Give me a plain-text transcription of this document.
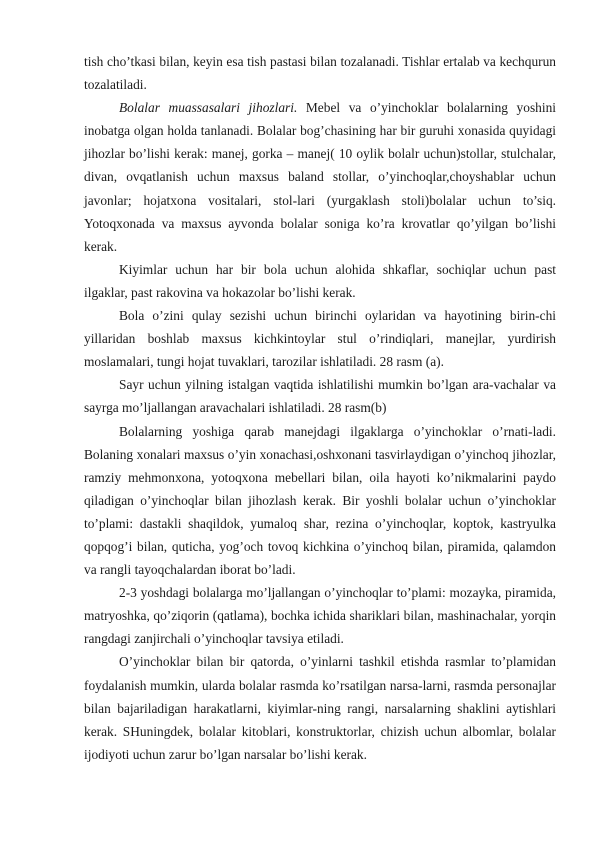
tish cho’tkasi bilan, keyin esa tish pastasi bilan tozalanadi. Tishlar ertalab va kechqurun tozalatiladi.

Bolalar muassasalari jihozlari. Mebel va o’yinchoklar bolalarning yoshini inobatga olgan holda tanlanadi. Bolalar bog’chasining har bir guruhi xonasida quyidagi jihozlar bo’lishi kerak: manej, gorka – manej( 10 oylik bolalr uchun)stollar, stulchalar, divan, ovqatlanish uchun maxsus baland stollar, o’yinchoqlar,choyshablar uchun javonlar; hojatxona vositalari, stol-lari (yurgaklash stoli)bolalar uchun to’siq. Yotoqxonada va maxsus ayvonda bolalar soniga ko’ra krovatlar qo’yilgan bo’lishi kerak.

Kiyimlar uchun har bir bola uchun alohida shkaflar, sochiqlar uchun past ilgaklar, past rakovina va hokazolar bo’lishi kerak.

Bola o’zini qulay sezishi uchun birinchi oylaridan va hayotining birin-chi yillaridan boshlab maxsus kichkintoylar stul o’rindiqlari, manejlar, yurdirish moslamalari, tungi hojat tuvaklari, tarozilar ishlatiladi. 28 rasm (a).

Sayr uchun yilning istalgan vaqtida ishlatilishi mumkin bo’lgan ara-vachalar va sayrga mo’ljallangan aravachalari ishlatiladi. 28 rasm(b)

Bolalarning yoshiga qarab manejdagi ilgaklarga o’yinchoklar o’rnati-ladi. Bolaning xonalari maxsus o’yin xonachasi,oshxonani tasvirlaydigan o’yinchoq jihozlar, ramziy mehmonxona, yotoqxona mebellari bilan, oila hayoti ko’nikmalarini paydo qiladigan o’yinchoqlar bilan jihozlash kerak. Bir yoshli bolalar uchun o’yinchoklar to’plami: dastakli shaqildok, yumaloq shar, rezina o’yinchoqlar, koptok, kastryulka qopqog’i bilan, quticha, yog’och tovoq kichkina o’yinchoq bilan, piramida, qalamdon va rangli tayoqchalardan iborat bo’ladi.

2-3 yoshdagi bolalarga mo’ljallangan o’yinchoqlar to’plami: mozayka, piramida, matryoshka, qo’ziqorin (qatlama), bochka ichida shariklari bilan, mashinachalar, yorqin rangdagi zanjirchali o’yinchoqlar tavsiya etiladi.

O’yinchoklar bilan bir qatorda, o’yinlarni tashkil etishda rasmlar to’plamidan foydalanish mumkin, ularda bolalar rasmda ko’rsatilgan narsa-larni, rasmda personajlar bilan bajariladigan harakatlarni, kiyimlar-ning rangi, narsalarning shaklini aytishlari kerak. SHuningdek, bolalar kitoblari, konstruktorlar, chizish uchun albomlar, bolalar ijodiyoti uchun zarur bo’lgan narsalar bo’lishi kerak.
